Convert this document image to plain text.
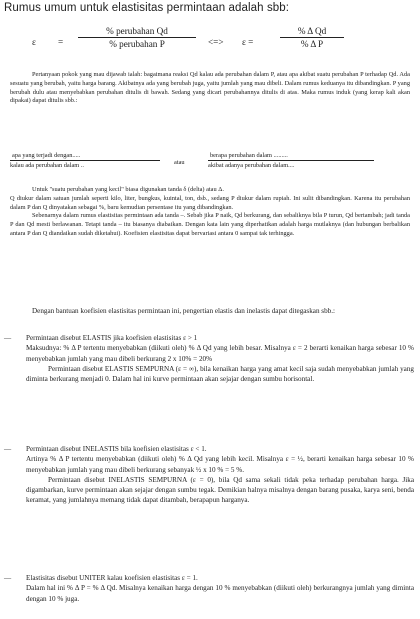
Rumus umum untuk elastisitas permintaan adalah sbb:
ε =
% perubahan Qd
% perubahan P	<=> ε =	$\frac{\text{\% Δ Qd}}{\text{\% Δ P}}$

Pertanyaan pokok yang mau dijawab ialah: bagaimana reaksi Qd kalau ada perubahan dalam P, atau apa akibat suatu perubahan P terhadap Qd. Ada sesuatu yang berubah, yaitu harga barang. Akibatnya ada yang berubah juga, yaitu jumlah yang mau dibeli. Dalam rumus keduanya itu dibandingkan. P yang berubah dulu atau menyebabkan perubahan ditulis di bawah. Sedang yang dicari perubahannya ditulis di atas. Maka rumus induk (yang kerap kali akan dipakai) dapat ditulis sbb.:

apa yang terjadi dengan.....
kalau ada perubahan dalam ..	atau
berapa perubahan dalam .........
akibat adanya perubahan dalam....

Untuk "suatu perubahan yang kecil" biasa digunakan tanda δ (delta) atau Δ.

Q diukur dalam satuan jumlah seperti kilo, liter, bungkus, kuintal, ton, dsb., sedang P diukur dalam rupiah. Ini sulit dibandingkan. Karena itu perubahan dalam P dan Q dinyatakan sebagai %, baru kemudian persentase itu yang dibandingkan.

Sebenarnya dalam rumus elastisitas permintaan ada tanda –. Sebab jika P naik, Qd berkurang, dan sebaliknya bila P turun, Qd bertambah; jadi tanda P dan Qd mesti berlawanan. Tetapi tanda – itu biasanya diabaikan. Dengan kata lain yang diperhatikan adalah harga mutlaknya (dan hubungan berbalikan antara P dan Q diandaikan sudah diketahui). Koefisien elastisitas dapat bervariasi antara 0 sampai tak terhingga.

Dengan bantuan koefisien elastisitas permintaan ini, pengertian elastis dan inelastis dapat ditegaskan sbb.:

— Permintaan disebut ELASTIS jika koefisien elastisitas ε > 1

Maksudnya: % Δ P tertentu menyebabkan (diikuti oleh) % Δ Qd yang lebih besar. Misalnya ε = 2 berarti kenaikan harga sebesar 10 % menyebabkan jumlah yang mau dibeli berkurang 2 x 10% = 20%

Permintaan disebut ELASTIS SEMPURNA (ε = ∞), bila kenaikan harga yang amat kecil saja sudah menyebabkan jumlah yang diminta berkurang menjadi 0. Dalam hal ini kurve permintaan akan sejajar dengan sumbu horisontal.

— Permintaan disebut INELASTIS bila koefisien elastisitas ε < 1.

Artinya % Δ P tertentu menyebabkan (diikuti oleh) % Δ Qd yang lebih kecil. Misalnya ε = ½, berarti kenaikan harga sebesar 10 % menyebabkan jumlah yang mau dibeli berkurang sebanyak ½ x 10 % = 5 %.

Permintaan disebut INELASTIS SEMPURNA (ε = 0), bila Qd sama sekali tidak peka terhadap perubahan harga. Jika digambarkan, kurve permintaan akan sejajar dengan sumbu tegak. Demikian halnya misalnya dengan barang pusaka, karya seni, benda keramat, yang jumlahnya memang tidak dapat ditambah, berapapun harganya.

— Elastisitas disebut UNITER kalau koefisien elastisitas ε = 1.

Dalam hal ini % Δ P = % Δ Qd. Misalnya kenaikan harga dengan 10 % menyebabkan (diikuti oleh) berkurangnya jumlah yang diminta dengan 10 % juga.
